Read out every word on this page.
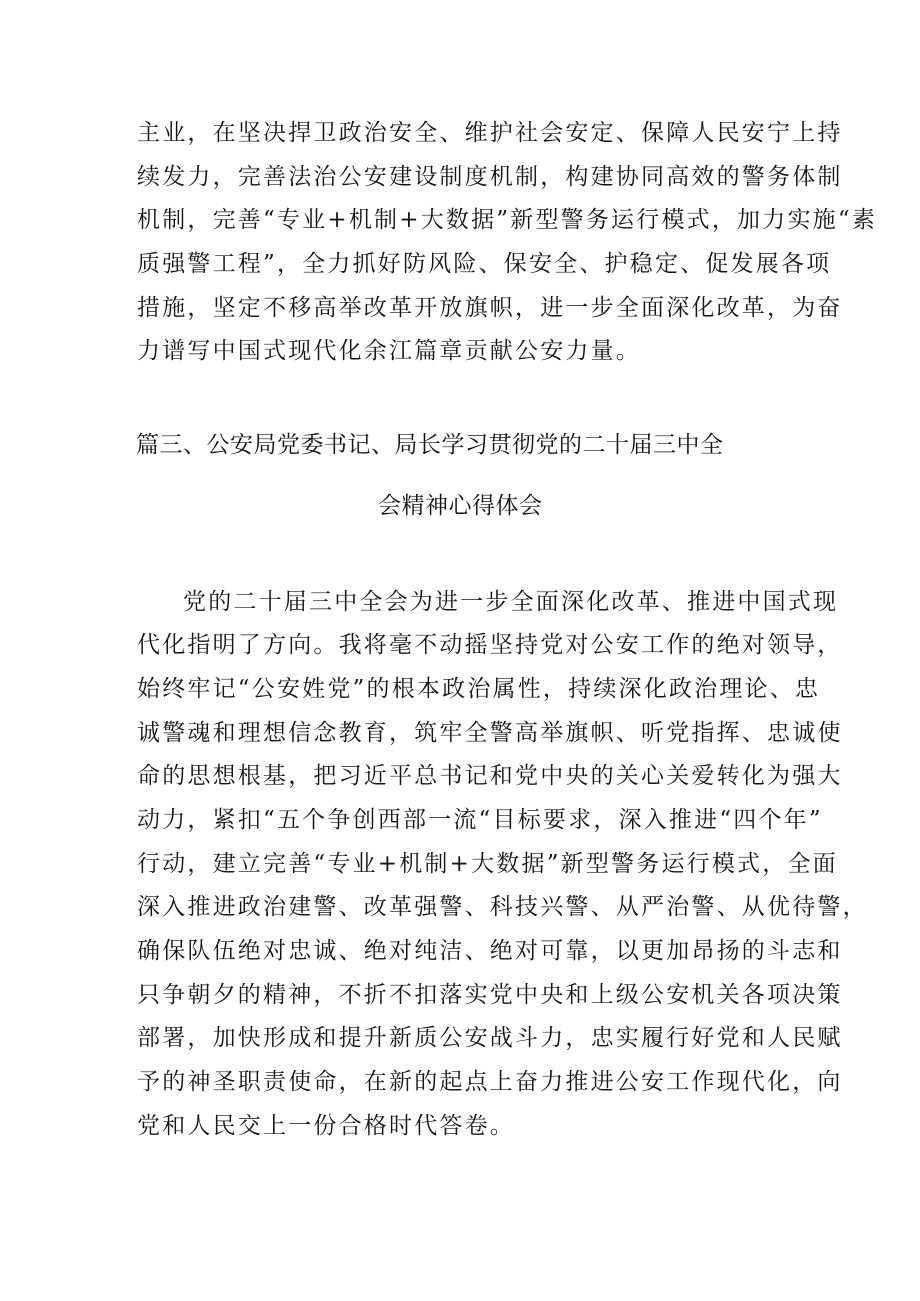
主业，在坚决捍卫政治安全、维护社会安定、保障人民安宁上持
续发力，完善法治公安建设制度机制，构建协同高效的警务体制
机制，完善“专业+机制+大数据”新型警务运行模式，加力实施“素
质强警工程”，全力抓好防风险、保安全、护稳定、促发展各项
措施，坚定不移高举改革开放旗帜，进一步全面深化改革，为奋
力谱写中国式现代化余江篇章贡献公安力量。
篇三、公安局党委书记、局长学习贯彻党的二十届三中全
会精神心得体会
党的二十届三中全会为进一步全面深化改革、推进中国式现
代化指明了方向。我将毫不动摇坚持党对公安工作的绝对领导，
始终牢记“公安姓党”的根本政治属性，持续深化政治理论、忠
诚警魂和理想信念教育，筑牢全警高举旗帜、听党指挥、忠诚使
命的思想根基，把习近平总书记和党中央的关心关爱转化为强大
动力，紧扣“五个争创西部一流“目标要求，深入推进“四个年”
行动，建立完善“专业+机制+大数据”新型警务运行模式，全面
深入推进政治建警、改革强警、科技兴警、从严治警、从优待警，
确保队伍绝对忠诚、绝对纯洁、绝对可靠，以更加昂扬的斗志和
只争朝夕的精神，不折不扣落实党中央和上级公安机关各项决策
部署，加快形成和提升新质公安战斗力，忠实履行好党和人民赋
予的神圣职责使命，在新的起点上奋力推进公安工作现代化，向
党和人民交上一份合格时代答卷。
